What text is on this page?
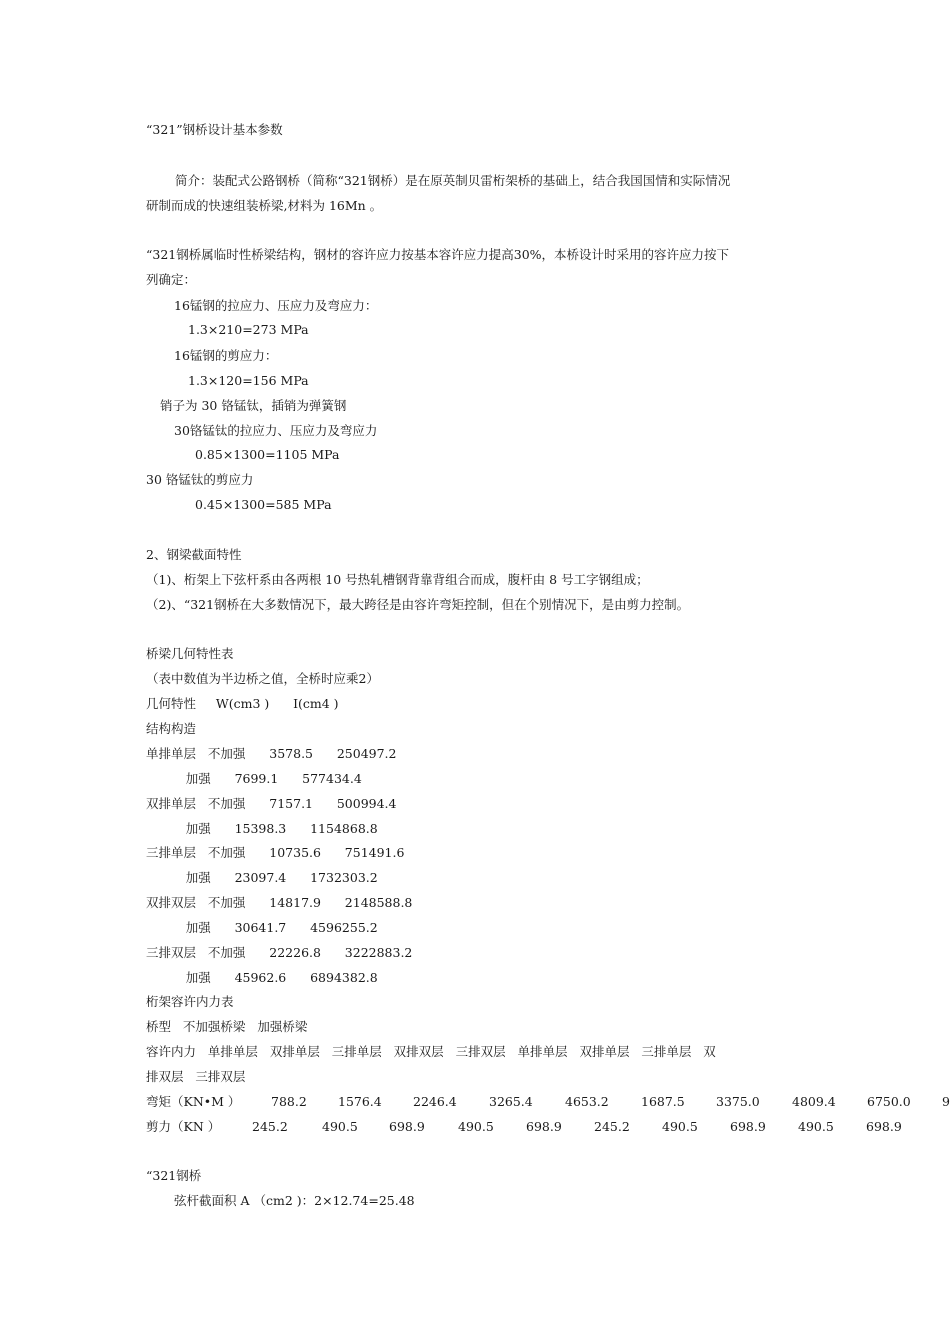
“321”钢桥设计基本参数
简介：装配式公路钢桥（简称“321钢桥）是在原英制贝雷桁架桥的基础上，结合我国国情和实际情况
研制而成的快速组装桥梁,材料为 16Mn 。
“321钢桥属临时性桥梁结构，钢材的容许应力按基本容许应力提高30%，本桥设计时采用的容许应力按下
列确定：
16锰钢的拉应力、压应力及弯应力：
1.3×210=273 MPa
16锰钢的剪应力：
1.3×120=156 MPa
销子为 30 铬锰钛，插销为弹簧钢
30铬锰钛的拉应力、压应力及弯应力
0.85×1300=1105 MPa
30 铬锰钛的剪应力
0.45×1300=585 MPa
2、钢梁截面特性
（1)、桁架上下弦杆系由各两根 10 号热轧槽钢背靠背组合而成，腹杆由 8 号工字钢组成；
（2)、“321钢桥在大多数情况下，最大跨径是由容许弯矩控制，但在个别情况下，是由剪力控制。
桥梁几何特性表
（表中数值为半边桥之值，全桥时应乘2）
几何特性     W(cm3 )      I(cm4 )
结构构造
单排单层   不加强      3578.5      250497.2
加强      7699.1      577434.4
双排单层   不加强      7157.1      500994.4
加强      15398.3      1154868.8
三排单层   不加强      10735.6      751491.6
加强      23097.4      1732303.2
双排双层   不加强      14817.9      2148588.8
加强      30641.7      4596255.2
三排双层   不加强      22226.8      3222883.2
加强      45962.6      6894382.8
桁架容许内力表
桥型   不加强桥梁   加强桥梁
容许内力   单排单层   双排单层   三排单层   双排双层   三排双层   单排单层   双排单层   三排单层   双
排双层   三排双层
弯矩（KN•M ） 788.2 1576.4	2246.4	3265.4	4653.2	1687.5	3375.0	4809.4	6750.0	9
剪力（KN ）	245.2	490.5 698.9	490.5	698.9	245.2	490.5	698.9	490.5	698.9
“321钢桥
弦杆截面积 A （cm2 )：2×12.74=25.48
